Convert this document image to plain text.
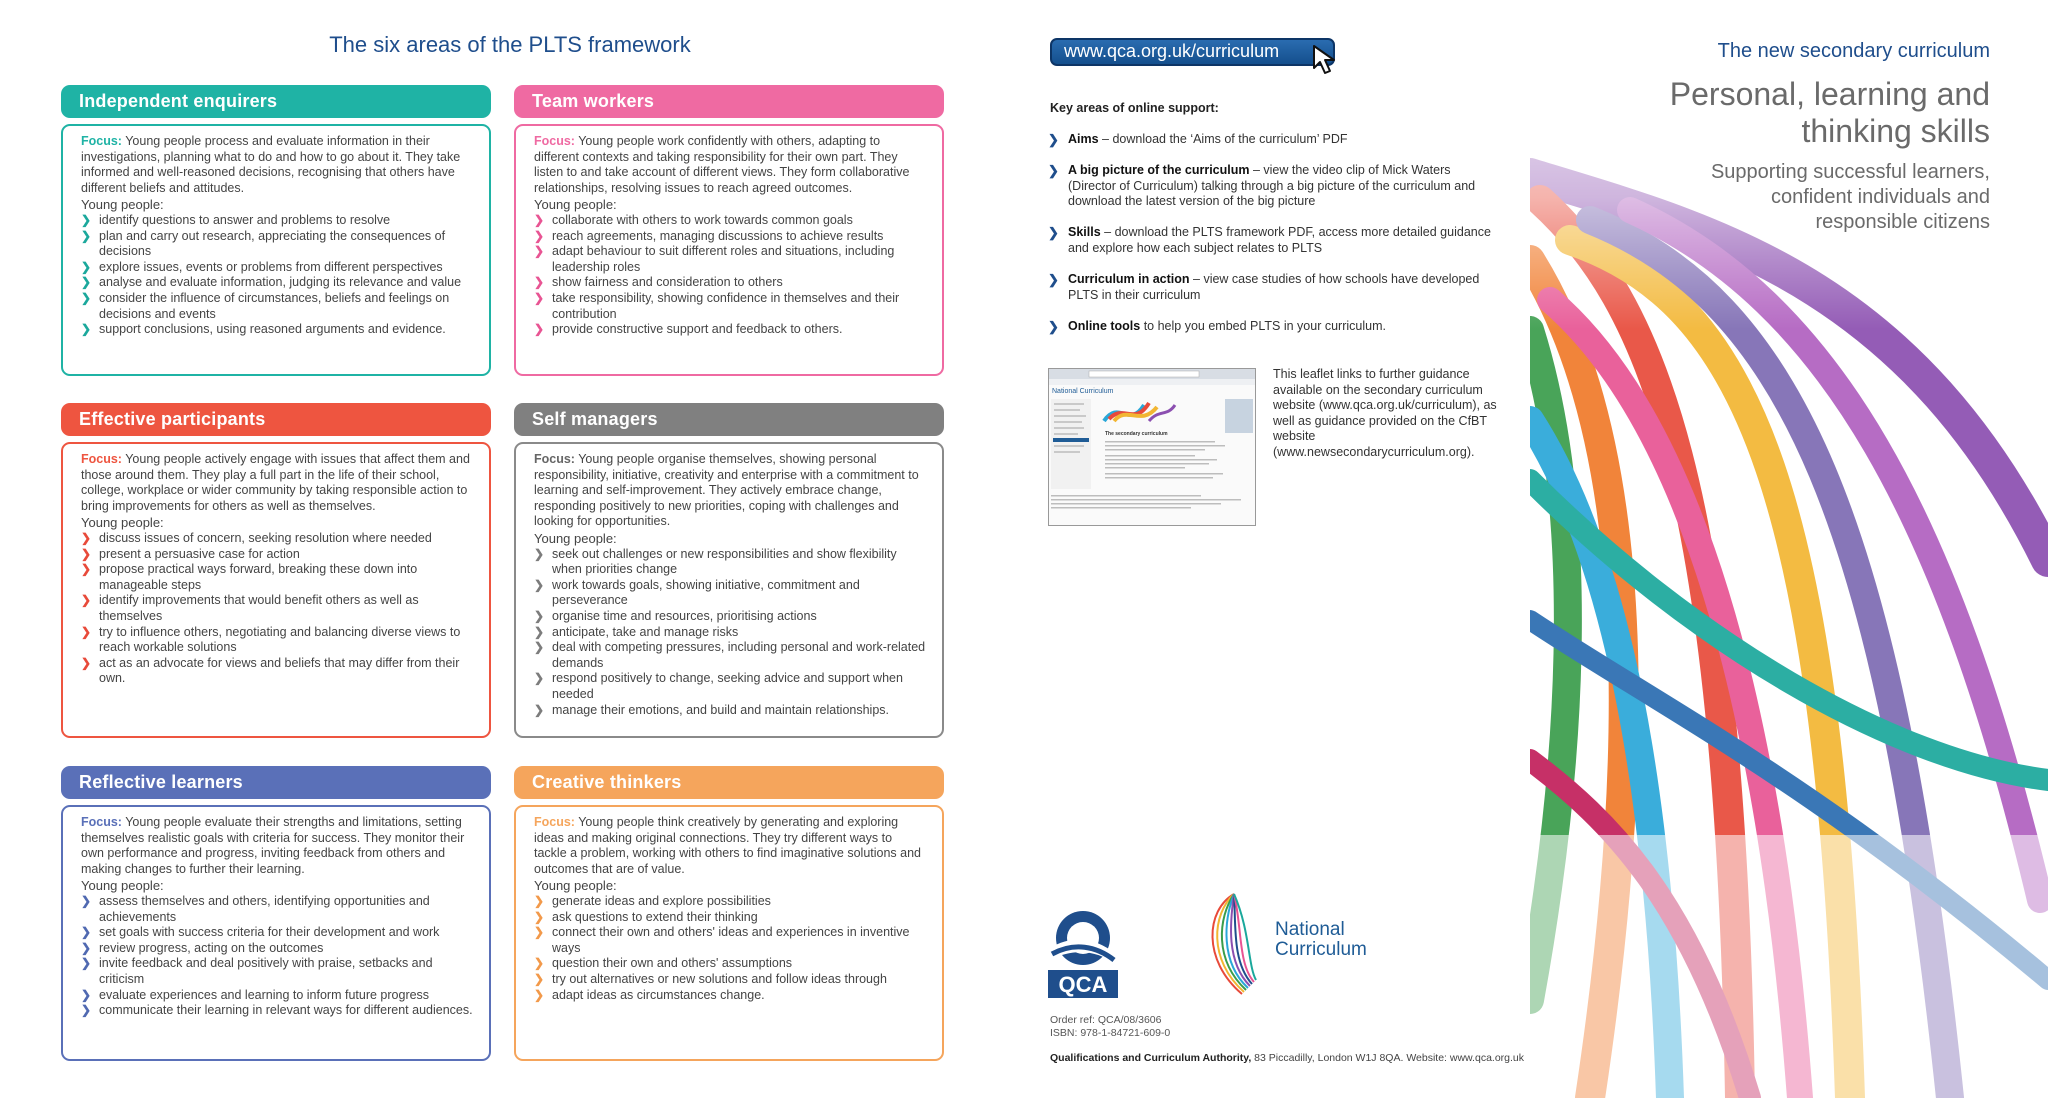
The six areas of the PLTS framework
Independent enquirers
Focus: Young people process and evaluate information in their investigations, planning what to do and how to go about it. They take informed and well-reasoned decisions, recognising that others have different beliefs and attitudes.
Young people:
❯ identify questions to answer and problems to resolve
❯ plan and carry out research, appreciating the consequences of decisions
❯ explore issues, events or problems from different perspectives
❯ analyse and evaluate information, judging its relevance and value
❯ consider the influence of circumstances, beliefs and feelings on decisions and events
❯ support conclusions, using reasoned arguments and evidence.
Team workers
Focus: Young people work confidently with others, adapting to different contexts and taking responsibility for their own part. They listen to and take account of different views. They form collaborative relationships, resolving issues to reach agreed outcomes.
Young people:
❯ collaborate with others to work towards common goals
❯ reach agreements, managing discussions to achieve results
❯ adapt behaviour to suit different roles and situations, including leadership roles
❯ show fairness and consideration to others
❯ take responsibility, showing confidence in themselves and their contribution
❯ provide constructive support and feedback to others.
Effective participants
Focus: Young people actively engage with issues that affect them and those around them. They play a full part in the life of their school, college, workplace or wider community by taking responsible action to bring improvements for others as well as themselves.
Young people:
❯ discuss issues of concern, seeking resolution where needed
❯ present a persuasive case for action
❯ propose practical ways forward, breaking these down into manageable steps
❯ identify improvements that would benefit others as well as themselves
❯ try to influence others, negotiating and balancing diverse views to reach workable solutions
❯ act as an advocate for views and beliefs that may differ from their own.
Self managers
Focus: Young people organise themselves, showing personal responsibility, initiative, creativity and enterprise with a commitment to learning and self-improvement. They actively embrace change, responding positively to new priorities, coping with challenges and looking for opportunities.
Young people:
❯ seek out challenges or new responsibilities and show flexibility when priorities change
❯ work towards goals, showing initiative, commitment and perseverance
❯ organise time and resources, prioritising actions
❯ anticipate, take and manage risks
❯ deal with competing pressures, including personal and work-related demands
❯ respond positively to change, seeking advice and support when needed
❯ manage their emotions, and build and maintain relationships.
Reflective learners
Focus: Young people evaluate their strengths and limitations, setting themselves realistic goals with criteria for success. They monitor their own performance and progress, inviting feedback from others and making changes to further their learning.
Young people:
❯ assess themselves and others, identifying opportunities and achievements
❯ set goals with success criteria for their development and work
❯ review progress, acting on the outcomes
❯ invite feedback and deal positively with praise, setbacks and criticism
❯ evaluate experiences and learning to inform future progress
❯ communicate their learning in relevant ways for different audiences.
Creative thinkers
Focus: Young people think creatively by generating and exploring ideas and making original connections. They try different ways to tackle a problem, working with others to find imaginative solutions and outcomes that are of value.
Young people:
❯ generate ideas and explore possibilities
❯ ask questions to extend their thinking
❯ connect their own and others' ideas and experiences in inventive ways
❯ question their own and others' assumptions
❯ try out alternatives or new solutions and follow ideas through
❯ adapt ideas as circumstances change.
www.qca.org.uk/curriculum
Key areas of online support:
❯ Aims – download the ‘Aims of the curriculum’ PDF
❯ A big picture of the curriculum – view the video clip of Mick Waters (Director of Curriculum) talking through a big picture of the curriculum and download the latest version of the big picture
❯ Skills – download the PLTS framework PDF, access more detailed guidance and explore how each subject relates to PLTS
❯ Curriculum in action – view case studies of how schools have developed PLTS in their curriculum
❯ Online tools to help you embed PLTS in your curriculum.
National Curriculum
The secondary curriculum
This leaflet links to further guidance available on the secondary curriculum website (www.qca.org.uk/curriculum), as well as guidance provided on the CfBT website (www.newsecondarycurriculum.org).
QCA
National
Curriculum
Order ref: QCA/08/3606
ISBN: 978-1-84721-609-0
Qualifications and Curriculum Authority, 83 Piccadilly, London W1J 8QA. Website: www.qca.org.uk
The new secondary curriculum
Personal, learning and
thinking skills
Supporting successful learners,
confident individuals and
responsible citizens
